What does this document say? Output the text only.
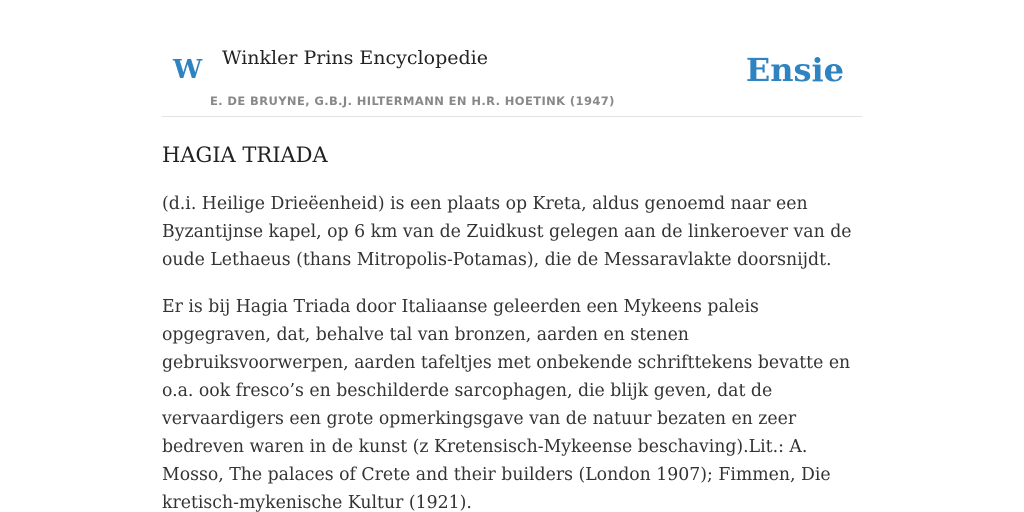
W Winkler Prins Encyclopedie
E. DE BRUYNE, G.B.J. HILTERMANN EN H.R. HOETINK (1947)
Ensie
HAGIA TRIADA

(d.i. Heilige Drieëenheid) is een plaats op Kreta, aldus genoemd naar een Byzantijnse kapel, op 6 km van de Zuidkust gelegen aan de linkeroever van de oude Lethaeus (thans Mitropolis-Potamas), die de Messaravlakte doorsnijdt.

Er is bij Hagia Triada door Italiaanse geleerden een Mykeens paleis opgegraven, dat, behalve tal van bronzen, aarden en stenen gebruiksvoorwerpen, aarden tafeltjes met onbekende schrifttekens bevatte en o.a. ook fresco’s en beschilderde sarcophagen, die blijk geven, dat de vervaardigers een grote opmerkingsgave van de natuur bezaten en zeer bedreven waren in de kunst (z Kretensisch-Mykeense beschaving).Lit.: A. Mosso, The palaces of Crete and their builders (London 1907); Fimmen, Die kretisch-mykenische Kultur (1921).
